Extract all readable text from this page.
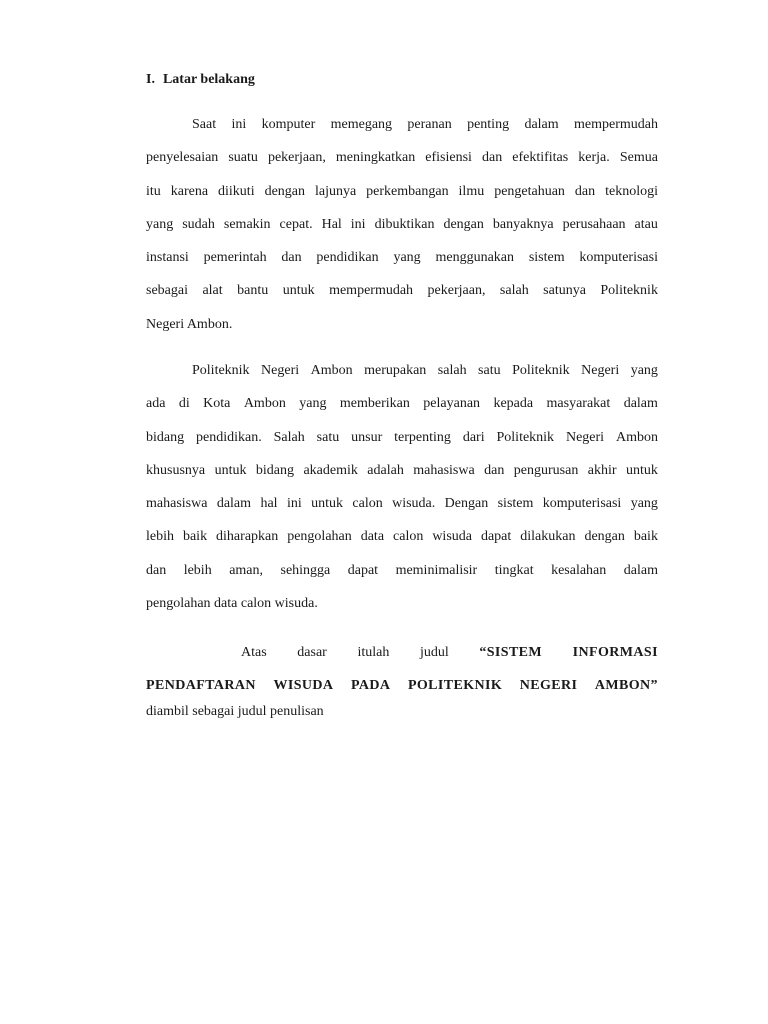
I. Latar belakang
Saat ini komputer memegang peranan penting dalam mempermudah
penyelesaian suatu pekerjaan, meningkatkan efisiensi dan efektifitas kerja. Semua
itu karena diikuti dengan lajunya perkembangan ilmu pengetahuan dan teknologi
yang sudah semakin cepat. Hal ini dibuktikan dengan banyaknya perusahaan atau
instansi pemerintah dan pendidikan yang menggunakan sistem komputerisasi
sebagai alat bantu untuk mempermudah pekerjaan, salah satunya Politeknik
Negeri Ambon.
Politeknik Negeri Ambon merupakan salah satu Politeknik Negeri yang
ada di Kota Ambon yang memberikan pelayanan kepada masyarakat dalam
bidang pendidikan. Salah satu unsur terpenting dari Politeknik Negeri Ambon
khususnya untuk bidang akademik adalah mahasiswa dan pengurusan akhir untuk
mahasiswa dalam hal ini untuk calon wisuda. Dengan sistem komputerisasi yang
lebih baik diharapkan pengolahan data calon wisuda dapat dilakukan dengan baik
dan lebih aman, sehingga dapat meminimalisir tingkat kesalahan dalam
pengolahan data calon wisuda.
Atas dasar itulah judul “SISTEM INFORMASI
PENDAFTARAN WISUDA PADA POLITEKNIK NEGERI AMBON”
diambil sebagai judul penulisan
